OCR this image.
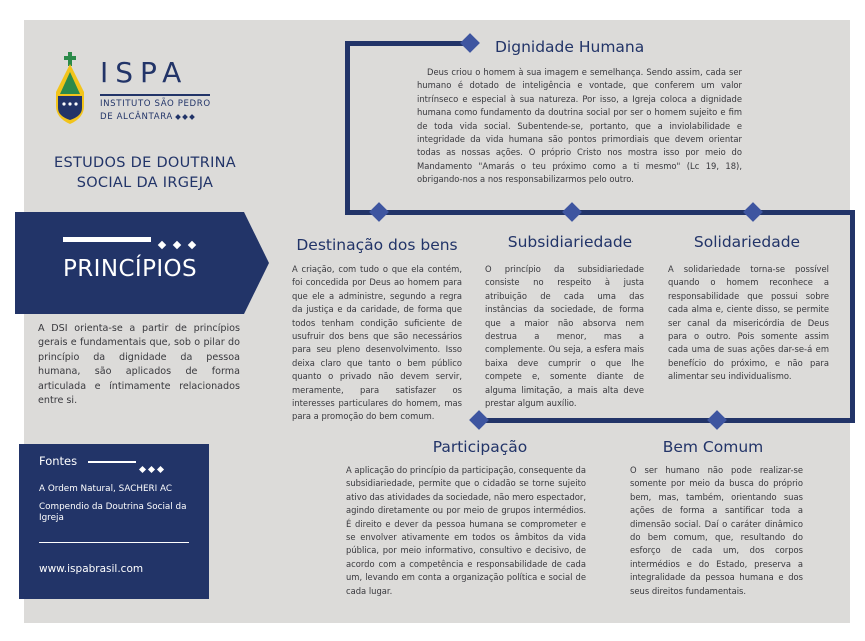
ISPA
INSTITUTO SÃO PEDRO
DE ALCÂNTARA
ESTUDOS DE DOUTRINA
SOCIAL DA IRGEJA
PRINCÍPIOS
A DSI orienta-se a partir de princípios gerais e fundamentais que, sob o pilar do princípio da dignidade da pessoa humana, são aplicados de forma articulada e íntimamente relacionados entre si.
Fontes
A Ordem Natural, SACHERI AC
Compendio da Doutrina Social da Igreja
www.ispabrasil.com
Dignidade Humana
Deus criou o homem à sua imagem e semelhança. Sendo assim, cada ser humano é dotado de inteligência e vontade, que conferem um valor intrínseco e especial à sua natureza. Por isso, a Igreja coloca a dignidade humana como fundamento da doutrina social por ser o homem sujeito e fim de toda vida social. Subentende-se, portanto, que a inviolabilidade e integridade da vida humana são pontos primordiais que devem orientar todas as nossas ações. O próprio Cristo nos mostra isso por meio do Mandamento "Amarás o teu próximo como a ti mesmo" (Lc 19, 18), obrigando-nos a nos responsabilizarmos pelo outro.
Destinação dos bens
A criação, com tudo o que ela contém, foi concedida por Deus ao homem para que ele a administre, segundo a regra da justiça e da caridade, de forma que todos tenham condição suficiente de usufruir dos bens que são necessários para seu pleno desenvolvimento. Isso deixa claro que tanto o bem público quanto o privado não devem servir, meramente, para satisfazer os interesses particulares do homem, mas para a promoção do bem comum.
Subsidiariedade
O princípio da subsidiariedade consiste no respeito à justa atribuição de cada uma das instâncias da sociedade, de forma que a maior não absorva nem destrua a menor, mas a complemente. Ou seja, a esfera mais baixa deve cumprir o que lhe compete e, somente diante de alguma limitação, a mais alta deve prestar algum auxílio.
Solidariedade
A solidariedade torna-se possível quando o homem reconhece a responsabilidade que possui sobre cada alma e, ciente disso, se permite ser canal da misericórdia de Deus para o outro. Pois somente assim cada uma de suas ações dar-se-á em benefício do próximo, e não para alimentar seu individualismo.
Participação
A aplicação do princípio da participação, consequente da subsidiariedade, permite que o cidadão se torne sujeito ativo das atividades da sociedade, não mero espectador, agindo diretamente ou por meio de grupos intermédios. É direito e dever da pessoa humana se comprometer e se envolver ativamente em todos os âmbitos da vida pública, por meio informativo, consultivo e decisivo, de acordo com a competência e responsabilidade de cada um, levando em conta a organização política e social de cada lugar.
Bem Comum
O ser humano não pode realizar-se somente por meio da busca do próprio bem, mas, também, orientando suas ações de forma a santificar toda a dimensão social. Daí o caráter dinâmico do bem comum, que, resultando do esforço de cada um, dos corpos intermédios e do Estado, preserva a integralidade da pessoa humana e dos seus direitos fundamentais.
